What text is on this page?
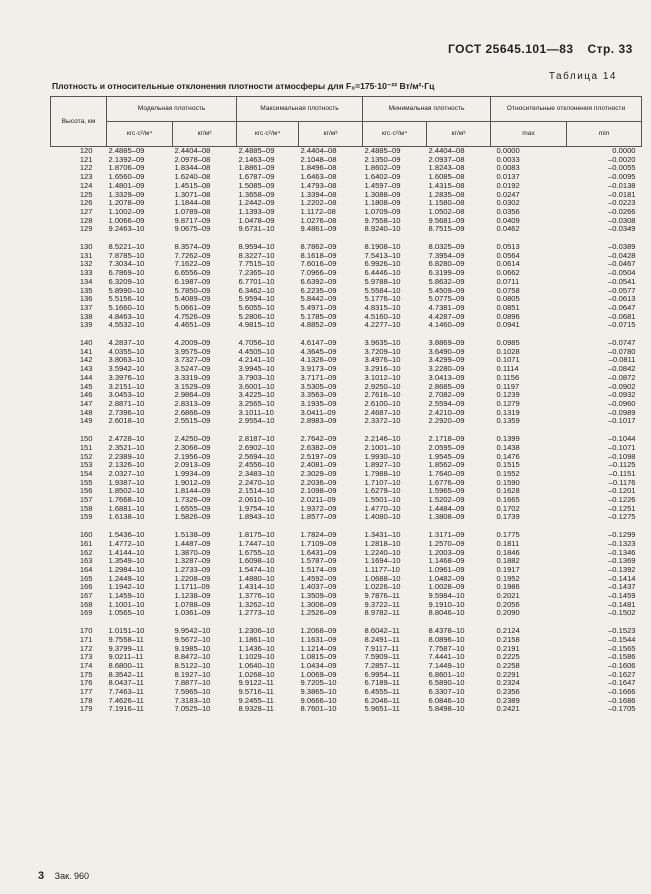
ГОСТ 25645.101—83 Стр. 33
Таблица 14
Плотность и относительные отклонения плотности атмосферы для F₀=175·10⁻²² Вт/м²·Гц
Высота, км	Модельная плотность		Максимальная плотность		Минимальная плотность		Относительные отклонения плотности	
	кгс·с²/м⁴	кг/м³	кгс·с²/м⁴	кг/м³	кгс·с²/м⁴	кг/м³	max	min
120	2.4885–09	2.4404–08	2.4885–09	2.4404–08	2.4885–09	2.4404–08	0.0000	0.0000
121	2.1392–09	2.0978–08	2.1463–09	2.1048–08	2.1350–09	2.0937–08	0.0033	–0.0020
122	1.8706–09	1.8344–08	1.8861–09	1.8496–08	1.8602–09	1.8243–08	0.0083	–0.0055
123	1.6560–09	1.6240–08	1.6787–09	1.6463–08	1.6402–09	1.6085–08	0.0137	–0.0095
124	1.4801–09	1.4515–08	1.5085–09	1.4793–08	1.4597–09	1.4315–08	0.0192	–0.0138
125	1.3329–09	1.3071–08	1.3658–09	1.3394–08	1.3088–09	1.2835–08	0.0247	–0.0181
126	1.2078–09	1.1844–08	1.2442–09	1.2202–08	1.1808–09	1.1580–08	0.0302	–0.0223
127	1.1002–09	1.0789–08	1.1393–09	1.1172–08	1.0709–09	1.0502–08	0.0356	–0.0266
128	1.0066–09	9.8717–09	1.0478–09	1.0276–08	9.7558–10	9.5681–09	0.0409	–0.0308
129	9.2463–10	9.0675–09	9.6731–10	9.4861–09	8.9240–10	8.7515–09	0.0462	–0.0349

130	8.5221–10	8.3574–09	8.9594–10	8.7862–09	8.1908–10	8.0325–09	0.0513	–0.0389
131	7.8785–10	7.7262–09	8.3227–10	8.1618–09	7.5413–10	7.3954–09	0.0564	–0.0428
132	7.3034–10	7.1622–09	7.7515–10	7.6016–09	6.9926–10	6.8280–09	0.0614	–0.0467
133	6.7869–10	6.6556–09	7.2365–10	7.0966–09	6.4446–10	6.3199–09	0.0662	–0.0504
134	6.3209–10	6.1987–09	6.7701–10	6.6392–09	5.9788–10	5.8632–09	0.0711	–0.0541
135	5.8990–10	5.7850–09	6.3462–10	6.2235–09	5.5584–10	5.4509–09	0.0758	–0.0577
136	5.5156–10	5.4089–09	5.9594–10	5.8442–09	5.1776–10	5.0775–09	0.0805	–0.0613
137	5.1660–10	5.0661–09	5.6055–10	5.4971–09	4.8315–10	4.7381–09	0.0851	–0.0647
138	4.8463–10	4.7526–09	5.2806–10	5.1785–09	4.5160–10	4.4287–09	0.0896	–0.0681
139	4.5532–10	4.4651–09	4.9815–10	4.8852–09	4.2277–10	4.1460–09	0.0941	–0.0715

140	4.2837–10	4.2009–09	4.7056–10	4.6147–09	3.9635–10	3.8869–09	0.0985	–0.0747
141	4.0355–10	3.9575–09	4.4505–10	4.3645–09	3.7209–10	3.6490–09	0.1028	–0.0780
142	3.8063–10	3.7327–09	4.2141–10	4.1326–09	3.4976–10	3.4299–09	0.1071	–0.0811
143	3.5942–10	3.5247–09	3.9945–10	3.9173–09	3.2916–10	3.2280–09	0.1114	–0.0842
144	3.3976–10	3.3319–09	3.7903–10	3.7171–09	3.1012–10	3.0413–09	0.1156	–0.0872
145	3.2151–10	3.1529–09	3.6001–10	3.5305–09	2.9250–10	2.8685–09	0.1197	–0.0902
146	3.0453–10	2.9864–09	3.4225–10	3.3563–09	2.7616–10	2.7082–09	0.1239	–0.0932
147	2.8871–10	2.8313–09	3.2565–10	3.1935–09	2.6100–10	2.5594–09	0.1279	–0.0960
148	2.7396–10	2.6866–09	3.1011–10	3.0411–09	2.4687–10	2.4210–09	0.1319	–0.0989
149	2.6018–10	2.5515–09	2.9554–10	2.8983–09	2.3372–10	2.2920–09	0.1359	–0.1017

150	2.4728–10	2.4250–09	2.8187–10	2.7642–09	2.2146–10	2.1718–09	0.1399	–0.1044
151	2.3521–10	2.3066–09	2.6902–10	2.6382–09	2.1001–10	2.0595–09	0.1438	–0.1071
152	2.2389–10	2.1956–09	2.5694–10	2.5197–09	1.9930–10	1.9545–09	0.1476	–0.1098
153	2.1326–10	2.0913–09	2.4556–10	2.4081–09	1.8927–10	1.8562–09	0.1515	–0.1125
154	2.0327–10	1.9934–09	2.3483–10	2.3029–09	1.7988–10	1.7640–09	0.1552	–0.1151
155	1.9387–10	1.9012–09	2.2470–10	2.2036–09	1.7107–10	1.6776–09	0.1590	–0.1176
156	1.8502–10	1.8144–09	2.1514–10	2.1098–09	1.6279–10	1.5965–09	0.1628	–0.1201
157	1.7668–10	1.7326–09	2.0610–10	2.0211–09	1.5501–10	1.5202–09	0.1665	–0.1226
158	1.6881–10	1.6555–09	1.9754–10	1.9372–09	1.4770–10	1.4484–09	0.1702	–0.1251
159	1.6138–10	1.5826–09	1.8943–10	1.8577–09	1.4080–10	1.3808–09	0.1739	–0.1275

160	1.5436–10	1.5138–09	1.8175–10	1.7824–09	1.3431–10	1.3171–09	0.1775	–0.1299
161	1.4772–10	1.4487–09	1.7447–10	1.7109–09	1.2818–10	1.2570–09	0.1811	–0.1323
162	1.4144–10	1.3870–09	1.6755–10	1.6431–09	1.2240–10	1.2003–09	0.1846	–0.1346
163	1.3549–10	1.3287–09	1.6098–10	1.5787–09	1.1694–10	1.1468–09	0.1882	–0.1369
164	1.2984–10	1.2733–09	1.5474–10	1.5174–09	1.1177–10	1.0961–09	0.1917	–0.1392
165	1.2449–10	1.2208–09	1.4880–10	1.4592–09	1.0688–10	1.0482–09	0.1952	–0.1414
166	1.1942–10	1.1711–09	1.4314–10	1.4037–09	1.0226–10	1.0028–09	0.1986	–0.1437
167	1.1459–10	1.1238–09	1.3776–10	1.3509–09	9.7876–11	9.5984–10	0.2021	–0.1459
168	1.1001–10	1.0788–09	1.3262–10	1.3006–09	9.3722–11	9.1910–10	0.2056	–0.1481
169	1.0565–10	1.0361–09	1.2773–10	1.2526–09	8.9782–11	8.8046–10	0.2090	–0.1502

170	1.0151–10	9.9542–10	1.2306–10	1.2068–09	8.6042–11	8.4378–10	0.2124	–0.1523
171	9.7558–11	9.5672–10	1.1861–10	1.1631–09	8.2491–11	8.0896–10	0.2158	–0.1544
172	9.3799–11	9.1985–10	1.1436–10	1.1214–09	7.9117–11	7.7587–10	0.2191	–0.1565
173	9.0211–11	8.8472–10	1.1029–10	1.0815–09	7.5909–11	7.4441–10	0.2225	–0.1586
174	8.6800–11	8.5122–10	1.0640–10	1.0434–09	7.2857–11	7.1449–10	0.2258	–0.1606
175	8.3542–11	8.1927–10	1.0268–10	1.0069–09	6.9954–11	6.8601–10	0.2291	–0.1627
176	8.0437–11	7.8877–10	9.9122–11	9.7205–10	6.7189–11	6.5890–10	0.2324	–0.1647
177	7.7463–11	7.5965–10	9.5716–11	9.3865–10	6.4555–11	6.3307–10	0.2356	–0.1666
178	7.4626–11	7.3183–10	9.2455–11	9.0666–10	6.2046–11	6.0846–10	0.2389	–0.1686
179	7.1916–11	7.0525–10	8.9328–11	8.7601–10	5.9651–11	5.8498–10	0.2421	–0.1705
3 Зак. 960
